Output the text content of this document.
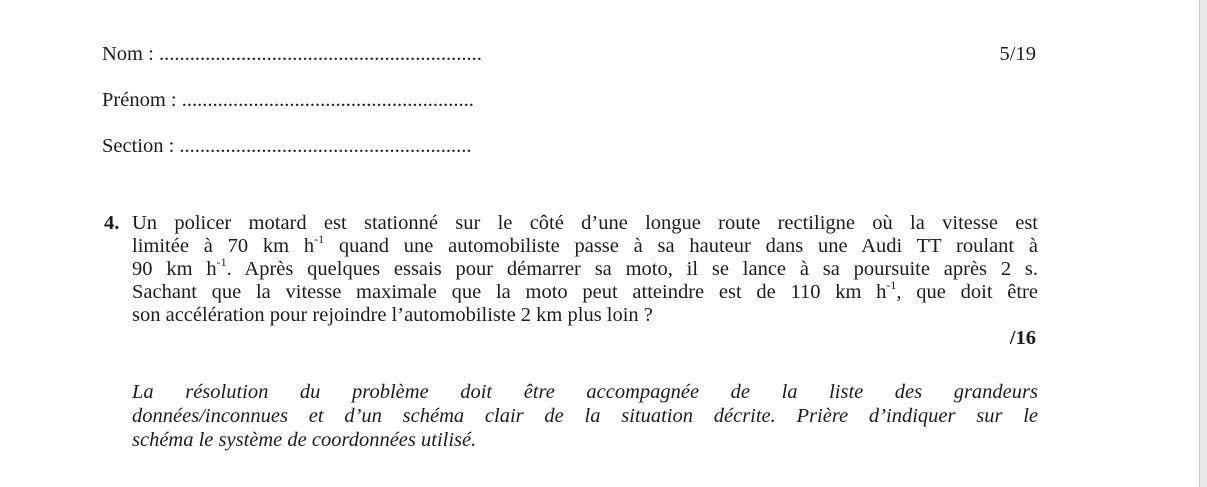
Nom : ...............................................................
Prénom : .........................................................
Section : .........................................................
5/19
4. Un policer motard est stationné sur le côté d’une longue route rectiligne où la vitesse est
limitée à 70 km $h^{-1}$ quand une automobiliste passe à sa hauteur dans une Audi TT roulant à
90 km $h^{-1}$. Après quelques essais pour démarrer sa moto, il se lance à sa poursuite après 2 s.
Sachant que la vitesse maximale que la moto peut atteindre est de 110 km $h^{-1}$, que doit être
son accélération pour rejoindre l’automobiliste 2 km plus loin ?
/16
La résolution du problème doit être accompagnée de la liste des grandeurs
données/inconnues et d’un schéma clair de la situation décrite. Prière d’indiquer sur le
schéma le système de coordonnées utilisé.
